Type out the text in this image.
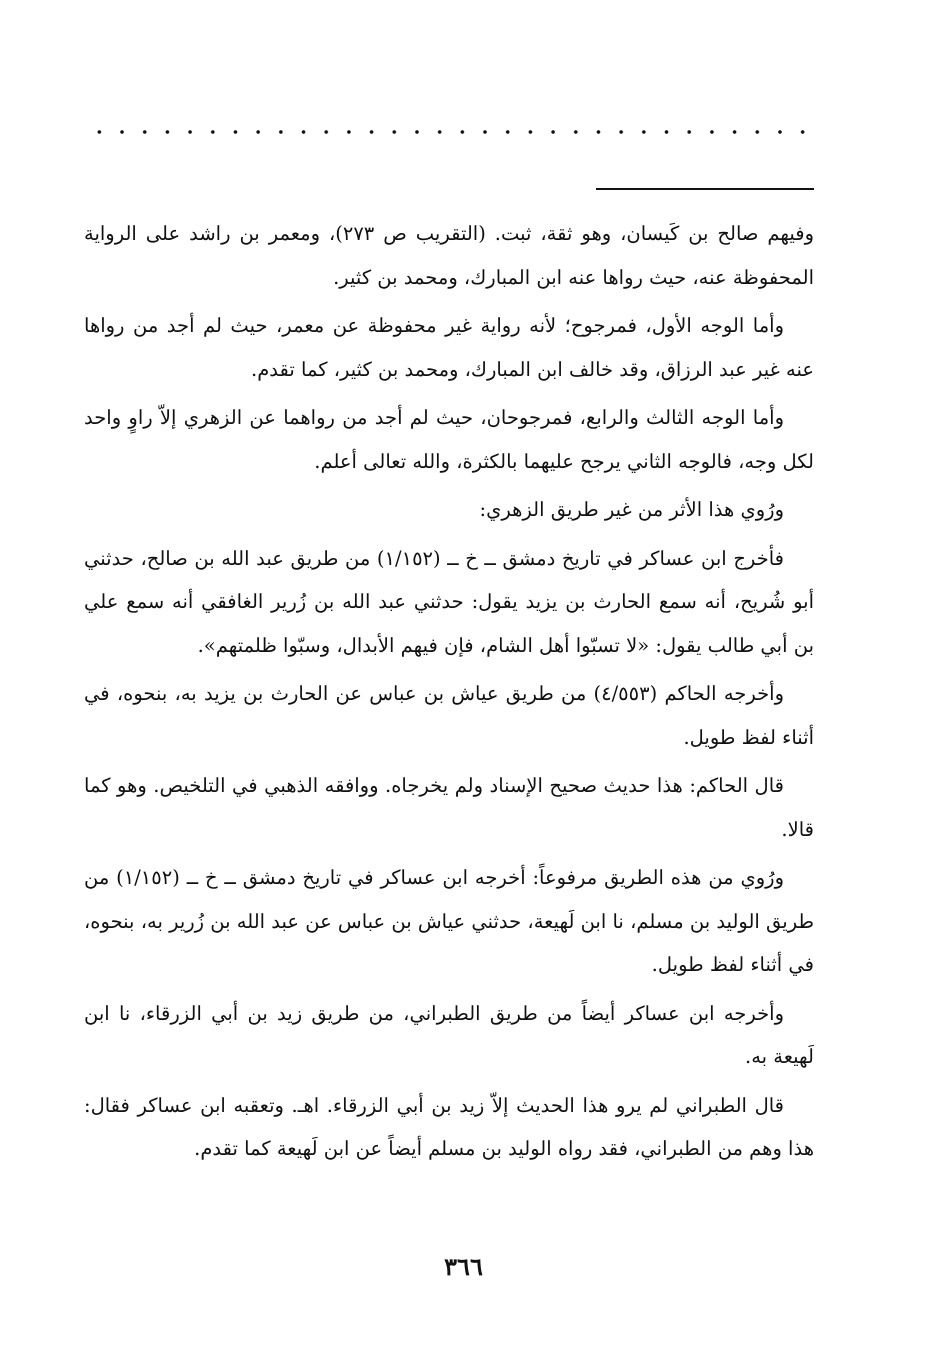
وفيهم صالح بن كَيسان، وهو ثقة، ثبت. (التقريب ص ٢٧٣)، ومعمر بن راشد على الرواية المحفوظة عنه، حيث رواها عنه ابن المبارك، ومحمد بن كثير.

وأما الوجه الأول، فمرجوح؛ لأنه رواية غير محفوظة عن معمر، حيث لم أجد من رواها عنه غير عبد الرزاق، وقد خالف ابن المبارك، ومحمد بن كثير، كما تقدم.

وأما الوجه الثالث والرابع، فمرجوحان، حيث لم أجد من رواهما عن الزهري إلاّ راوٍ واحد لكل وجه، فالوجه الثاني يرجح عليهما بالكثرة، والله تعالى أعلم.

ورُوي هذا الأثر من غير طريق الزهري:

فأخرج ابن عساكر في تاريخ دمشق ــ خ ــ (١/١٥٢) من طريق عبد الله بن صالح، حدثني أبو شُريح، أنه سمع الحارث بن يزيد يقول: حدثني عبد الله بن زُرير الغافقي أنه سمع علي بن أبي طالب يقول: «لا تسبّوا أهل الشام، فإن فيهم الأبدال، وسبّوا ظلمتهم».

وأخرجه الحاكم (٤/٥٥٣) من طريق عياش بن عباس عن الحارث بن يزيد به، بنحوه، في أثناء لفظ طويل.

قال الحاكم: هذا حديث صحيح الإسناد ولم يخرجاه. ووافقه الذهبي في التلخيص. وهو كما قالا.

ورُوي من هذه الطريق مرفوعاً: أخرجه ابن عساكر في تاريخ دمشق ــ خ ــ (١/١٥٢) من طريق الوليد بن مسلم، نا ابن لَهيعة، حدثني عياش بن عباس عن عبد الله بن زُرير به، بنحوه، في أثناء لفظ طويل.

وأخرجه ابن عساكر أيضاً من طريق الطبراني، من طريق زيد بن أبي الزرقاء، نا ابن لَهيعة به.

قال الطبراني لم يرو هذا الحديث إلاّ زيد بن أبي الزرقاء. اهـ. وتعقبه ابن عساكر فقال: هذا وهم من الطبراني، فقد رواه الوليد بن مسلم أيضاً عن ابن لَهيعة كما تقدم.

٣٦٦
